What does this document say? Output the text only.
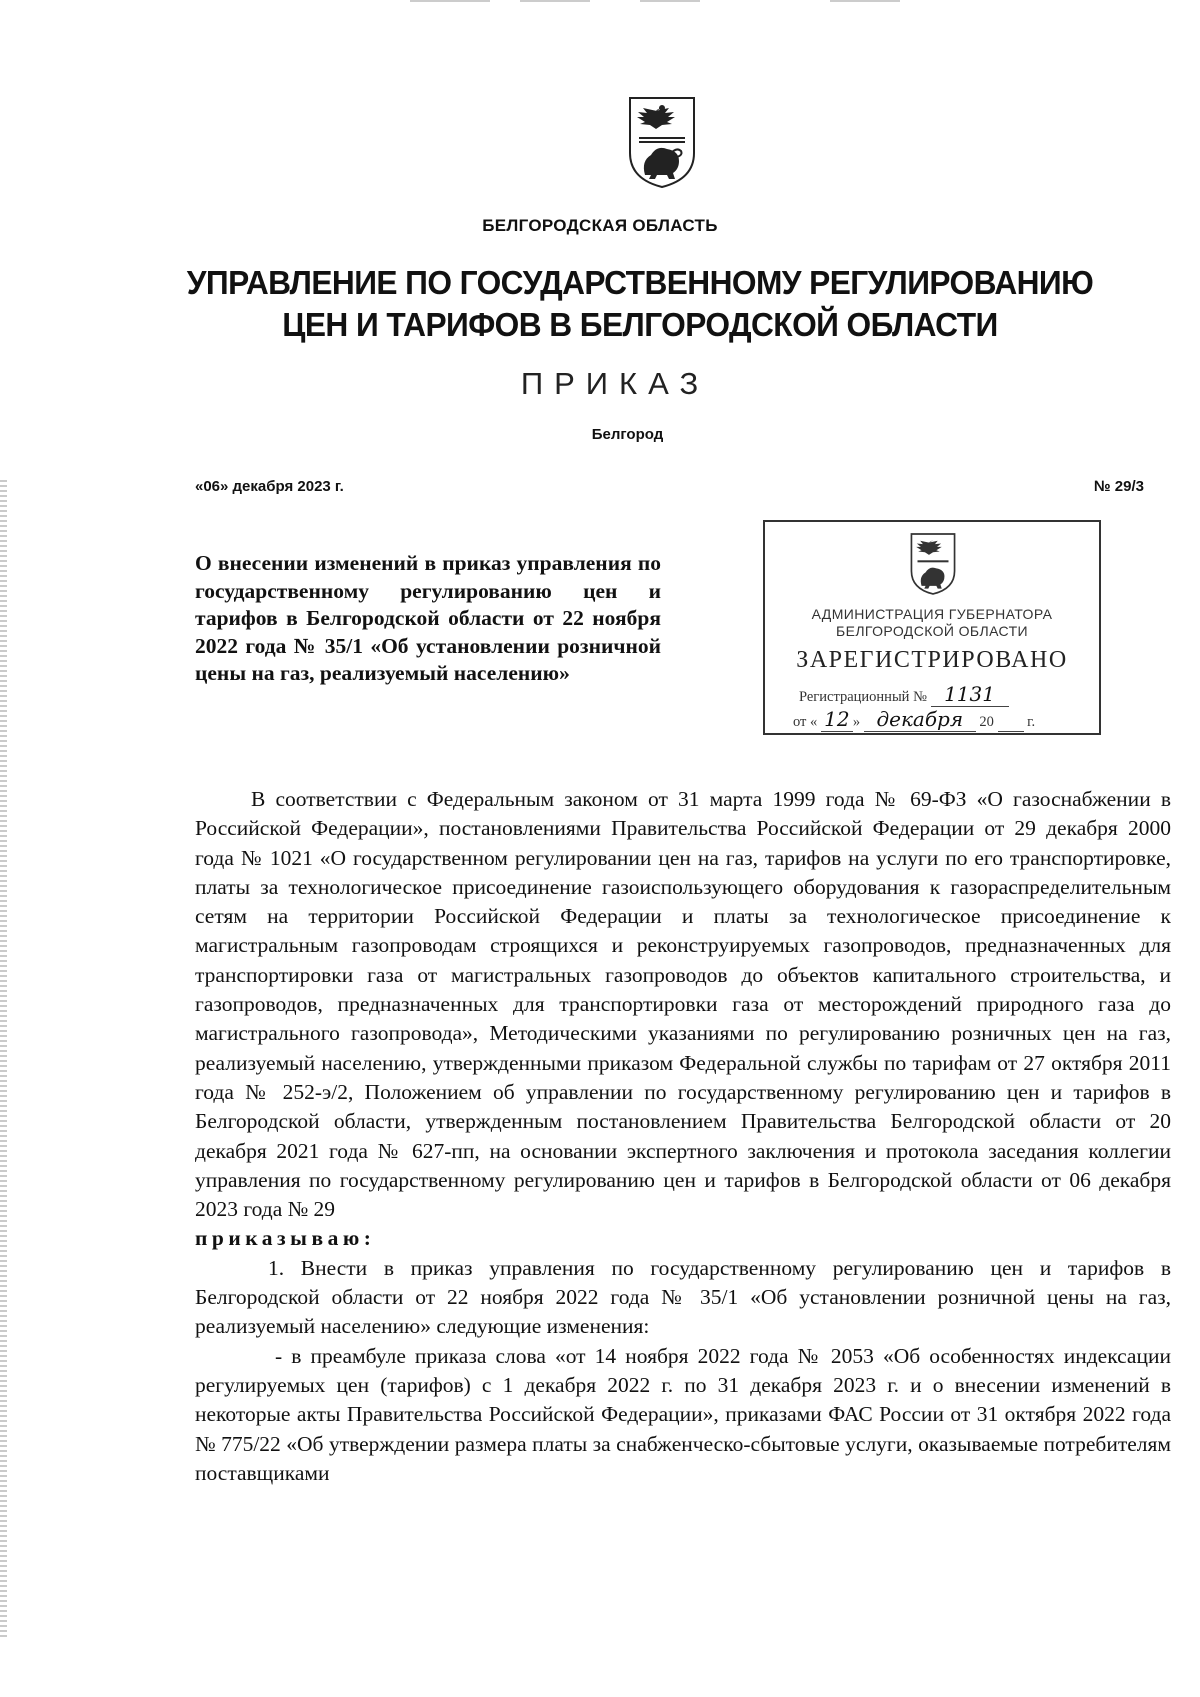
БЕЛГОРОДСКАЯ ОБЛАСТЬ
УПРАВЛЕНИЕ ПО ГОСУДАРСТВЕННОМУ РЕГУЛИРОВАНИЮ
ЦЕН И ТАРИФОВ В БЕЛГОРОДСКОЙ ОБЛАСТИ
ПРИКАЗ
Белгород
«06» декабря 2023 г.	№ 29/3
О внесении изменений в приказ управления по государственному регулированию цен и тарифов в Белгородской области от 22 ноября 2022 года № 35/1 «Об установлении розничной цены на газ, реализуемый населению»
АДМИНИСТРАЦИЯ ГУБЕРНАТОРА
БЕЛГОРОДСКОЙ ОБЛАСТИ
ЗАРЕГИСТРИРОВАНО
Регистрационный № 1131
от « 12 » декабря 20 г.

В соответствии с Федеральным законом от 31 марта 1999 года № 69-ФЗ «О газоснабжении в Российской Федерации», постановлениями Правительства Российской Федерации от 29 декабря 2000 года № 1021 «О государственном регулировании цен на газ, тарифов на услуги по его транспортировке, платы за технологическое присоединение газоиспользующего оборудования к газораспределительным сетям на территории Российской Федерации и платы за технологическое присоединение к магистральным газопроводам строящихся и реконструируемых газопроводов, предназначенных для транспортировки газа от магистральных газопроводов до объектов капитального строительства, и газопроводов, предназначенных для транспортировки газа от месторождений природного газа до магистрального газопровода», Методическими указаниями по регулированию розничных цен на газ, реализуемый населению, утвержденными приказом Федеральной службы по тарифам от 27 октября 2011 года № 252-э/2, Положением об управлении по государственному регулированию цен и тарифов в Белгородской области, утвержденным постановлением Правительства Белгородской области от 20 декабря 2021 года № 627-пп, на основании экспертного заключения и протокола заседания коллегии управления по государственному регулированию цен и тарифов в Белгородской области от 06 декабря 2023 года № 29

приказываю:

1. Внести в приказ управления по государственному регулированию цен и тарифов в Белгородской области от 22 ноября 2022 года № 35/1 «Об установлении розничной цены на газ, реализуемый населению» следующие изменения:

- в преамбуле приказа слова «от 14 ноября 2022 года № 2053 «Об особенностях индексации регулируемых цен (тарифов) с 1 декабря 2022 г. по 31 декабря 2023 г. и о внесении изменений в некоторые акты Правительства Российской Федерации», приказами ФАС России от 31 октября 2022 года № 775/22 «Об утверждении размера платы за снабженческо-сбытовые услуги, оказываемые потребителям поставщиками
